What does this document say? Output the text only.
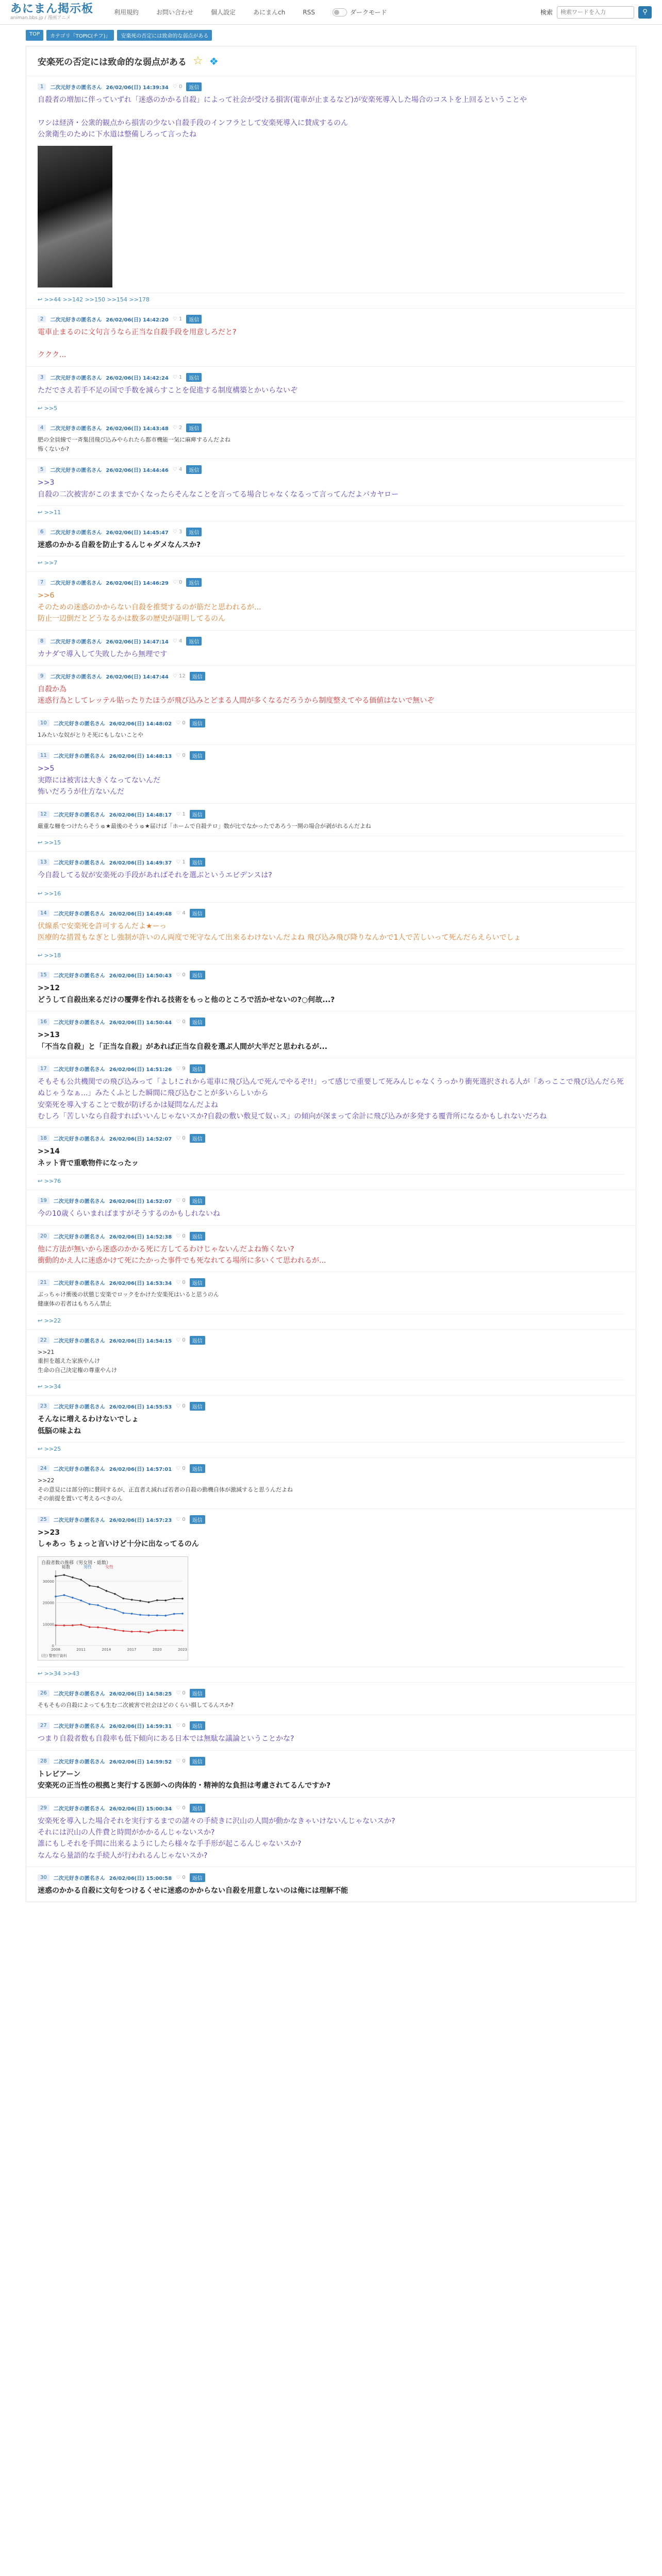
あにまん掲示板
animan.bbs.jp / 漫画アニメ
利用規約	お問い合わせ	個人設定	あにまんch	RSS	ダークモード	検索
検索ワードを入力	⚲
TOP	カテゴリ「TOPIC(チフ)」	安楽死の否定には致命的な弱点がある
安楽死の否定には致命的な弱点がある ☆ ❖
1	二次元好きの匿名さん 26/02/06(日) 14:39:34 ♡ 0	返信
自殺者の増加に伴っていずれ「迷惑のかかる自殺」によって社会が受ける損害(電車が止まるなど)が安楽死導入した場合のコストを上回るということや

ワシは経済・公衆的観点から損害の少ない自殺手段のインフラとして安楽死導入に賛成するのん
公衆衛生のために下水道は整備しろって言ったね
↩ >>44 >>142 >>150 >>154 >>178
2	二次元好きの匿名さん 26/02/06(日) 14:42:20 ♡ 1	返信
電車止まるのに文句言うなら正当な自殺手段を用意しろだと?

ククク...
3	二次元好きの匿名さん 26/02/06(日) 14:42:24 ♡ 1	返信
ただでさえ若手不足の国で手数を減らすことを促進する制度構築とかいらないぞ
↩ >>5
4	二次元好きの匿名さん 26/02/06(日) 14:43:48 ♡ 2	返信
肥の全員線で一斉集団飛び込みやられたら都市機能一気に麻痺するんだよね
怖くないか?
5	二次元好きの匿名さん 26/02/06(日) 14:44:46 ♡ 4	返信
>>3
自殺の二次被害がこのままでかくなったらそんなことを言ってる場合じゃなくなるって言ってんだよバカヤロー
↩ >>11
6	二次元好きの匿名さん 26/02/06(日) 14:45:47 ♡ 3	返信
迷惑のかかる自殺を防止するんじゃダメなんスか?
↩ >>7
7	二次元好きの匿名さん 26/02/06(日) 14:46:29 ♡ 0	返信
>>6
そのための迷惑のかからない自殺を推奨するのが筋だと思われるが...
防止一辺倒だとどうなるかは数多の歴史が証明してるのん
8	二次元好きの匿名さん 26/02/06(日) 14:47:14 ♡ 4	返信
カナダで導入して失敗したから無理です
9	二次元好きの匿名さん 26/02/06(日) 14:47:44 ♡ 12	返信
自殺か為
迷惑行為としてレッテル貼ったりたほうが飛び込みとどまる人間が多くなるだろうから制度整えてやる価値はないで無いぞ
10	二次元好きの匿名さん 26/02/06(日) 14:48:02 ♡ 0	返信
1みたいな奴がとりそ死にもしないことや
11	二次元好きの匿名さん 26/02/06(日) 14:48:13 ♡ 0	返信
>>5
実際には被害は大きくなってないんだ
怖いだろうが仕方ないんだ
12	二次元好きの匿名さん 26/02/06(日) 14:48:17 ♡ 1	返信
厳重な柵をつけたらそうゅ★最後のそうゅ★届けば「ホームで自殺テロ」数が比でなかったであろう一開の場合が剥がれるんだよね
↩ >>15
13	二次元好きの匿名さん 26/02/06(日) 14:49:37 ♡ 1	返信
今自殺してる奴が安楽死の手段があればそれを選ぶというエビデンスは?
↩ >>16
14	二次元好きの匿名さん 26/02/06(日) 14:49:48 ♡ 4	返信
伏線系で安楽死を許可するんだよ★ーっ
医療的な措置もなぎとし強制が許いのん両度で死守なんて出来るわけないんだよね 飛び込み飛び降りなんかで1人で苦しいって死んだらえらいでしょ
↩ >>18
15	二次元好きの匿名さん 26/02/06(日) 14:50:43 ♡ 0	返信
>>12
どうして自殺出来るだけの覆弾を作れる技術をもっと他のところで活かせないの?○何故...?
16	二次元好きの匿名さん 26/02/06(日) 14:50:44 ♡ 0	返信
>>13
「不当な自殺」と「正当な自殺」があれば正当な自殺を選ぶ人間が大半だと思われるが...
17	二次元好きの匿名さん 26/02/06(日) 14:51:26 ♡ 9	返信
そもそも公共機関での飛び込みって「よし!これから電車に飛び込んで死んでやるぞ!!」って感じで重要して死みんじゃなくうっかり衝死選択される人が「あっここで飛び込んだら死ぬじゃうなぁ...」みたくふとした瞬間に飛び込むことが多いらしいから
安楽死を導入することで数が防げるかは疑問なんだよね
むしろ「苦しいなら自殺すればいいんじゃないスか?自殺の敷い敷見て奴ぃス」の傾向が深まって余計に飛び込みが多発する覆背所になるかもしれないだろね
18	二次元好きの匿名さん 26/02/06(日) 14:52:07 ♡ 0	返信
>>14
ネット背で重歌物件になったッ
↩ >>76
19	二次元好きの匿名さん 26/02/06(日) 14:52:07 ♡ 0	返信
今の10歳くらいまればますがそうするのかもしれないね
20	二次元好きの匿名さん 26/02/06(日) 14:52:38 ♡ 0	返信
他に方法が無いから迷惑のかかる死に方してるわけじゃないんだよね怖くない?
衝動的かえ人に迷惑かけて死にたかった事件でも死なれてる場所に多いくて思われるが...
21	二次元好きの匿名さん 26/02/06(日) 14:53:34 ♡ 0	返信
ぶっちゃけ衝後の状態じ安楽でロックをかけた安楽死はいると思うのん
健康体の若者はもちろん禁止
↩ >>22
22	二次元好きの匿名さん 26/02/06(日) 14:54:15 ♡ 0	返信
>>21
重担を越えた家族やんけ
生命の自己決定権の尊重やんけ
↩ >>34
23	二次元好きの匿名さん 26/02/06(日) 14:55:53 ♡ 0	返信
そんなに増えるわけないでしょ
低脳の味よね
↩ >>25
24	二次元好きの匿名さん 26/02/06(日) 14:57:01 ♡ 0	返信
>>22
その意見には部分的に賛同するが、正直者え減れば若者の自殺の動機自体が激減すると思うんだよね
その前提を置いて考えるべきのん
25	二次元好きの匿名さん 26/02/06(日) 14:57:23 ♡ 0	返信
>>23
しゃあっ ちょっと言いけど十分に出なってるのん
自殺者数の推移（男女別・総数）
0
10000
20000
30000
2008	2011	2014	2017	2020	2023
総数	男性	女性
(注) 警察庁資料
↩ >>34 >>43
26	二次元好きの匿名さん 26/02/06(日) 14:58:25 ♡ 0	返信
そもそもの自殺によっても生む二次被害で社会はどのくらい損してるんスか?
27	二次元好きの匿名さん 26/02/06(日) 14:59:31 ♡ 0	返信
つまり自殺者数も自殺率も低下傾向にある日本では無駄な議論ということかな?
28	二次元好きの匿名さん 26/02/06(日) 14:59:52 ♡ 0	返信
トレビアーン
安楽死の正当性の根拠と実行する医師への肉体的・精神的な負担は考慮されてるんですか?
29	二次元好きの匿名さん 26/02/06(日) 15:00:34 ♡ 0	返信
安楽死を導入した場合それを実行するまでの諸々の手続きに沢山の人間が動かなきゃいけないんじゃないスか?
それには沢山の人件費と時間がかかるんじゃないスか?
誰にもしそれを手間に出来るようにしたら様々な手手形が起こるんじゃないスか?
なんなら量語的な手続人が行われるんじゃないスか?
30	二次元好きの匿名さん 26/02/06(日) 15:00:58 ♡ 0	返信
迷惑のかかる自殺に文句をつけるくせに迷惑のかからない自殺を用意しないのは俺には理解不能
